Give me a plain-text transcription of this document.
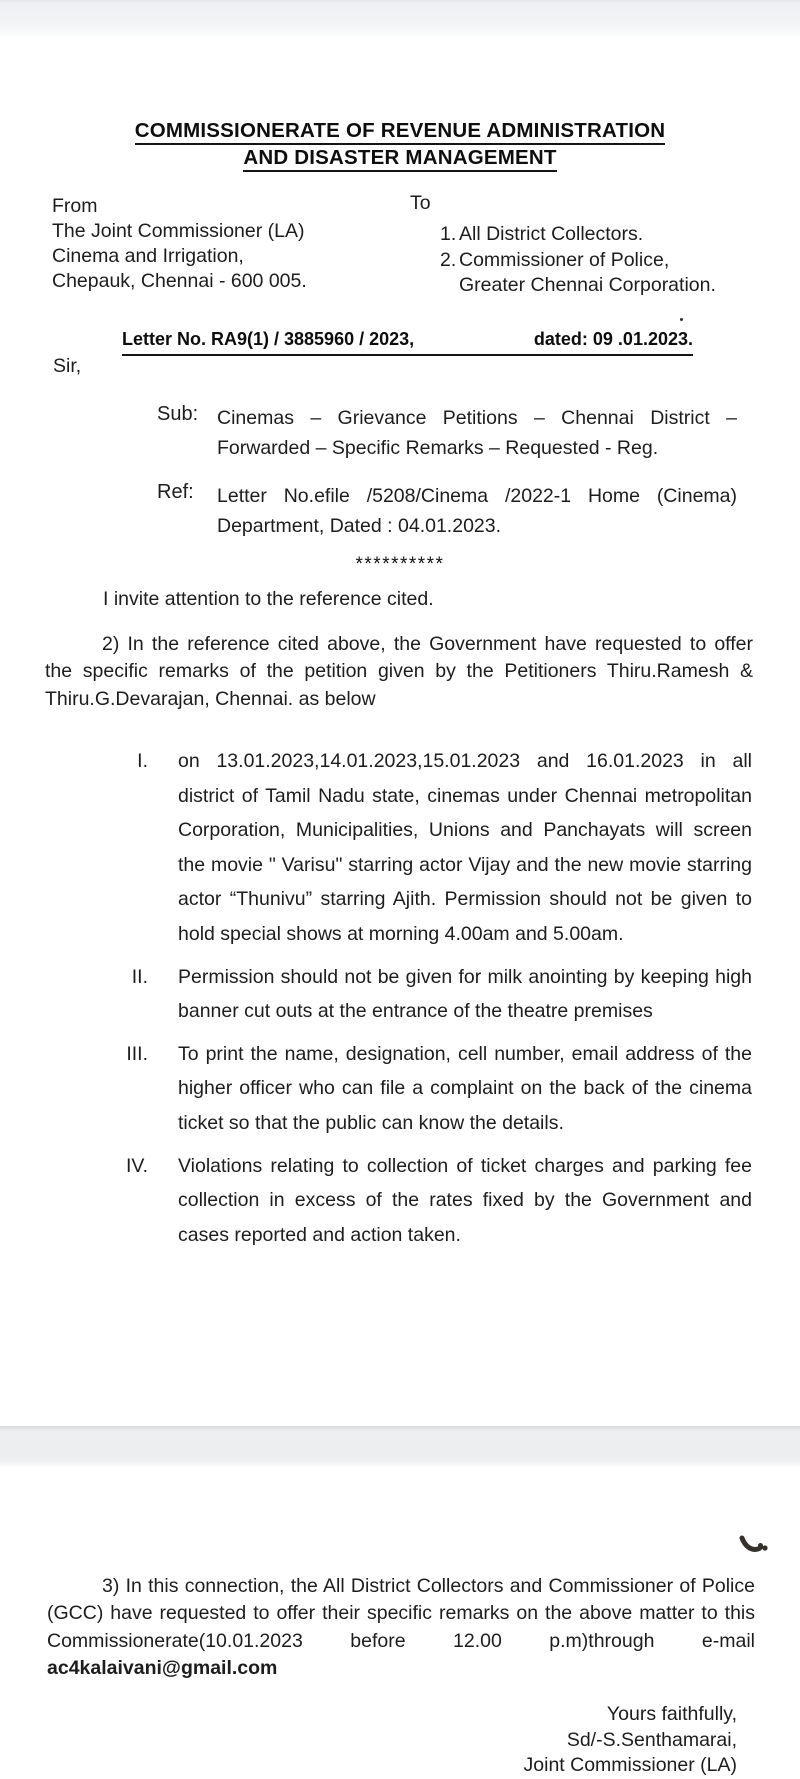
COMMISSIONERATE OF REVENUE ADMINISTRATION
AND DISASTER MANAGEMENT
From
The Joint Commissioner (LA)
Cinema and Irrigation,
Chepauk, Chennai - 600 005.
To
1. All District Collectors.
2. Commissioner of Police,
Greater Chennai Corporation.
Letter No. RA9(1) / 3885960 / 2023,	dated: 09 .01.2023.
Sir,
Sub: Cinemas – Grievance Petitions – Chennai District – Forwarded – Specific Remarks – Requested - Reg.
Ref: Letter No.efile /5208/Cinema /2022-1 Home (Cinema) Department, Dated : 04.01.2023.
**********
I invite attention to the reference cited.
2) In the reference cited above, the Government have requested to offer the specific remarks of the petition given by the Petitioners Thiru.Ramesh & Thiru.G.Devarajan, Chennai. as below
I. on 13.01.2023,14.01.2023,15.01.2023 and 16.01.2023 in all district of Tamil Nadu state, cinemas under Chennai metropolitan Corporation, Municipalities, Unions and Panchayats will screen the movie " Varisu" starring actor Vijay and the new movie starring actor “Thunivu” starring Ajith. Permission should not be given to hold special shows at morning 4.00am and 5.00am.
II. Permission should not be given for milk anointing by keeping high banner cut outs at the entrance of the theatre premises
III. To print the name, designation, cell number, email address of the higher officer who can file a complaint on the back of the cinema ticket so that the public can know the details.
IV. Violations relating to collection of ticket charges and parking fee collection in excess of the rates fixed by the Government and cases reported and action taken.
3) In this connection, the All District Collectors and Commissioner of Police (GCC) have requested to offer their specific remarks on the above matter to this Commissionerate(10.01.2023 before 12.00 p.m)through e-mail ac4kalaivani@gmail.com
Yours faithfully,
Sd/-S.Senthamarai,
Joint Commissioner (LA)
